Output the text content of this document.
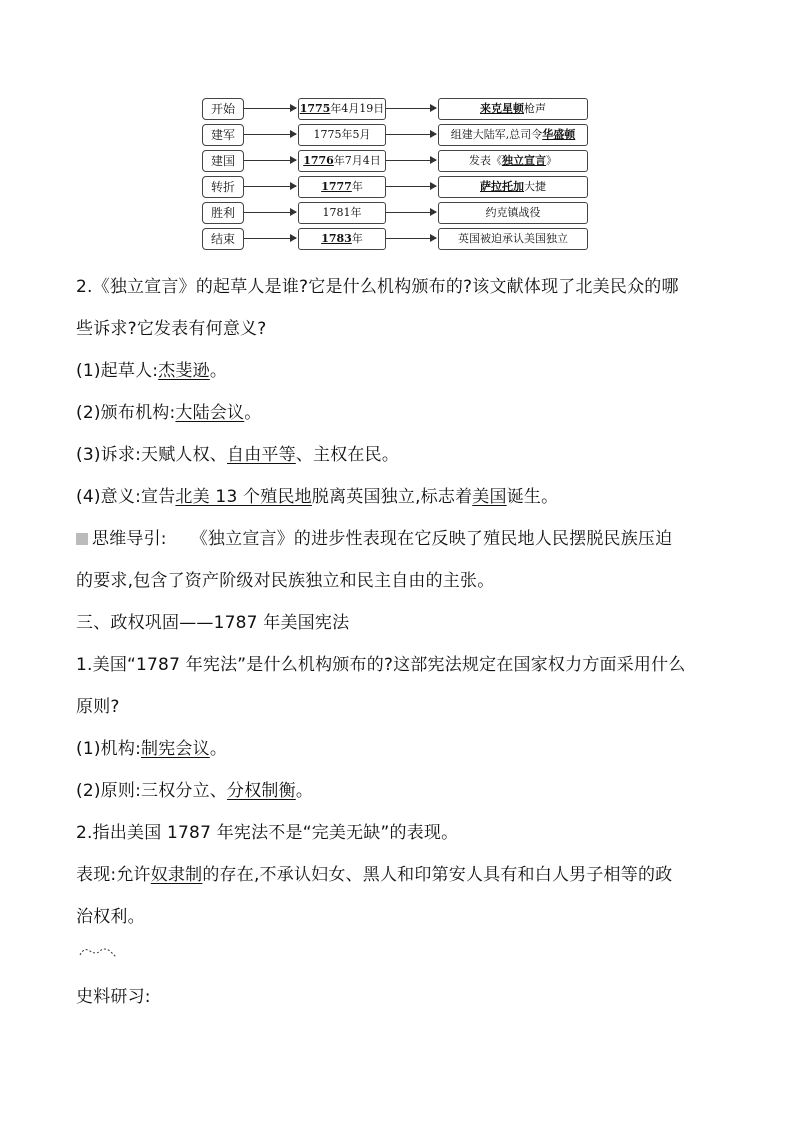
开始	1775年4月19日	来克星顿枪声
建军	1775年5月	组建大陆军,总司令华盛顿
建国	1776年7月4日	发表《独立宣言》
转折	1777年	萨拉托加大捷
胜利	1781年	约克镇战役
结束	1783年	英国被迫承认美国独立
2.《独立宣言》的起草人是谁?它是什么机构颁布的?该文献体现了北美民众的哪
些诉求?它发表有何意义?
(1)起草人:杰斐逊。
(2)颁布机构:大陆会议。
(3)诉求:天赋人权、自由平等、主权在民。
(4)意义:宣告北美 13 个殖民地脱离英国独立,标志着美国诞生。
思维导引: 《独立宣言》的进步性表现在它反映了殖民地人民摆脱民族压迫
的要求,包含了资产阶级对民族独立和民主自由的主张。
三、政权巩固——1787 年美国宪法
1.美国“1787 年宪法”是什么机构颁布的?这部宪法规定在国家权力方面采用什么
原则?
(1)机构:制宪会议。
(2)原则:三权分立、分权制衡。
2.指出美国 1787 年宪法不是“完美无缺”的表现。
表现:允许奴隶制的存在,不承认妇女、黑人和印第安人具有和白人男子相等的政
治权利。
史料研习:
